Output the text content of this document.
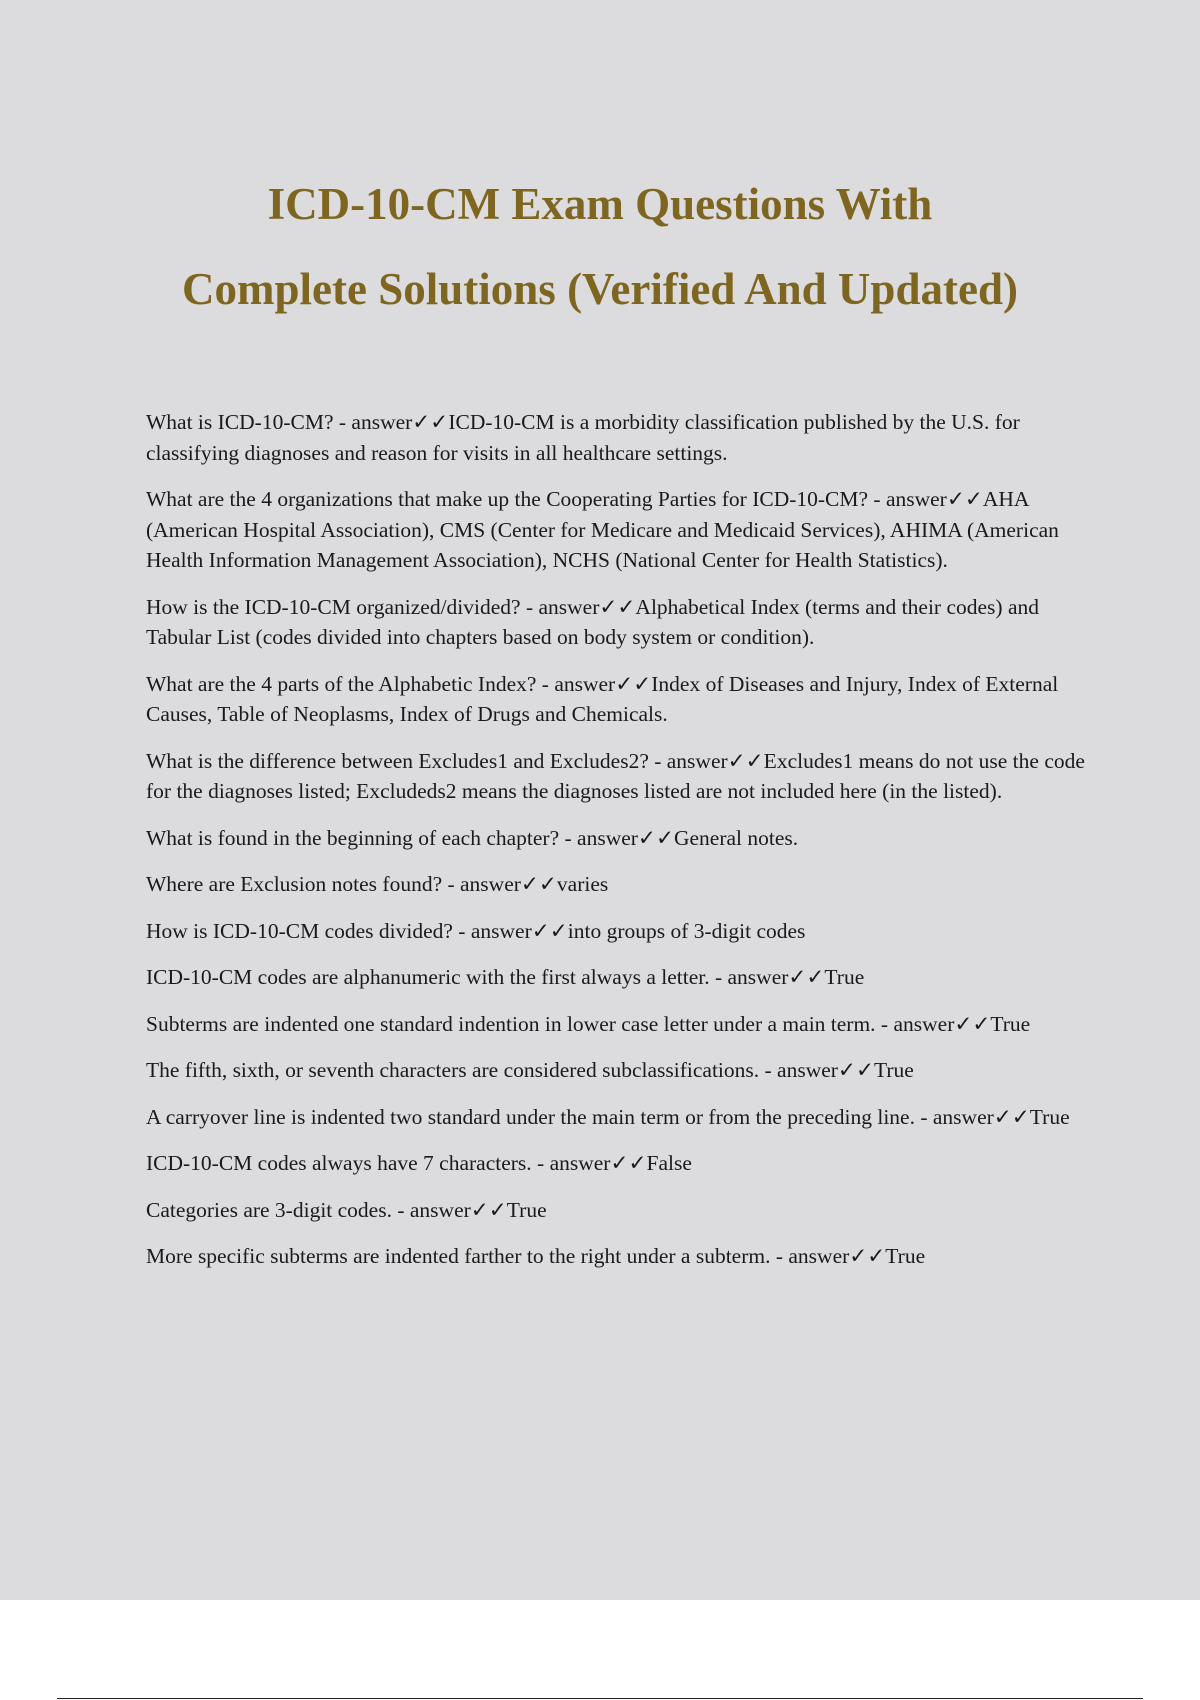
ICD-10-CM Exam Questions With
Complete Solutions (Verified And Updated)

What is ICD-10-CM? - answer✓✓ICD-10-CM is a morbidity classification published by the U.S. for classifying diagnoses and reason for visits in all healthcare settings.

What are the 4 organizations that make up the Cooperating Parties for ICD-10-CM? - answer✓✓AHA (American Hospital Association), CMS (Center for Medicare and Medicaid Services), AHIMA (American Health Information Management Association), NCHS (National Center for Health Statistics).

How is the ICD-10-CM organized/divided? - answer✓✓Alphabetical Index (terms and their codes) and Tabular List (codes divided into chapters based on body system or condition).

What are the 4 parts of the Alphabetic Index? - answer✓✓Index of Diseases and Injury, Index of External Causes, Table of Neoplasms, Index of Drugs and Chemicals.

What is the difference between Excludes1 and Excludes2? - answer✓✓Excludes1 means do not use the code for the diagnoses listed; Excludeds2 means the diagnoses listed are not included here (in the listed).

What is found in the beginning of each chapter? - answer✓✓General notes.

Where are Exclusion notes found? - answer✓✓varies

How is ICD-10-CM codes divided? - answer✓✓into groups of 3-digit codes

ICD-10-CM codes are alphanumeric with the first always a letter. - answer✓✓True

Subterms are indented one standard indention in lower case letter under a main term. - answer✓✓True

The fifth, sixth, or seventh characters are considered subclassifications. - answer✓✓True

A carryover line is indented two standard under the main term or from the preceding line. - answer✓✓True

ICD-10-CM codes always have 7 characters. - answer✓✓False

Categories are 3-digit codes. - answer✓✓True

More specific subterms are indented farther to the right under a subterm. - answer✓✓True
